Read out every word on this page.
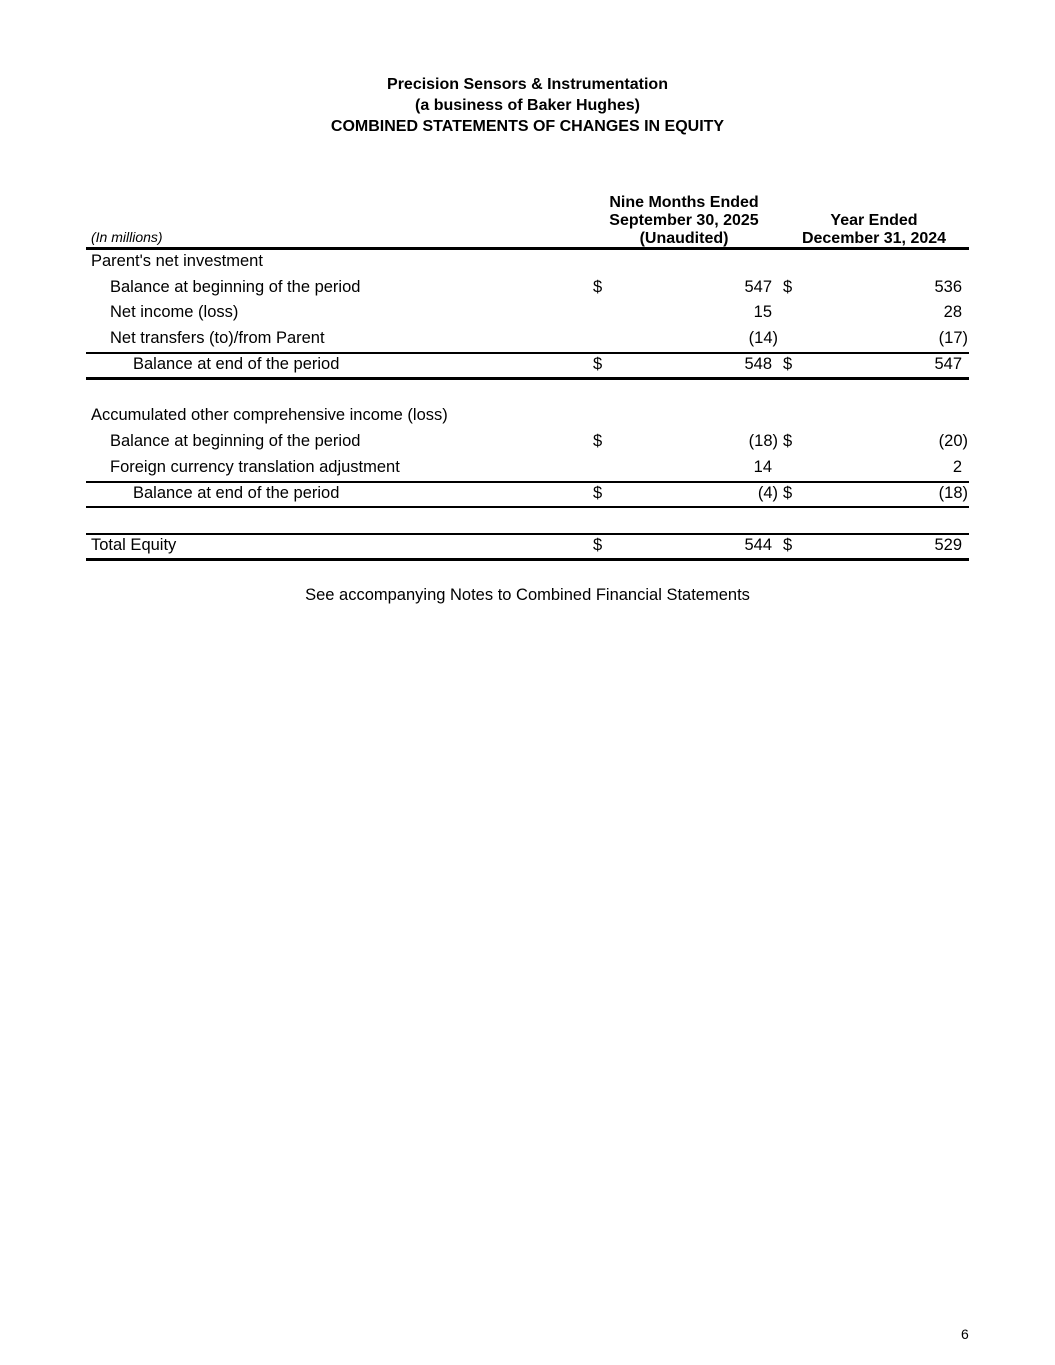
Precision Sensors & Instrumentation
(a business of Baker Hughes)
COMBINED STATEMENTS OF CHANGES IN EQUITY
(In millions)
Nine Months Ended
September 30, 2025
(Unaudited)
Year Ended
December 31, 2024
Parent's net investment
Balance at beginning of the period	$	547 $	536
Net income (loss)	15	28
Net transfers (to)/from Parent	(14)	(17)
Balance at end of the period	$	548 $	547
Accumulated other comprehensive income (loss)
Balance at beginning of the period	$	(18) $	(20)
Foreign currency translation adjustment	14	2
Balance at end of the period	$	(4) $	(18)
Total Equity	$	544 $	529
See accompanying Notes to Combined Financial Statements
6
